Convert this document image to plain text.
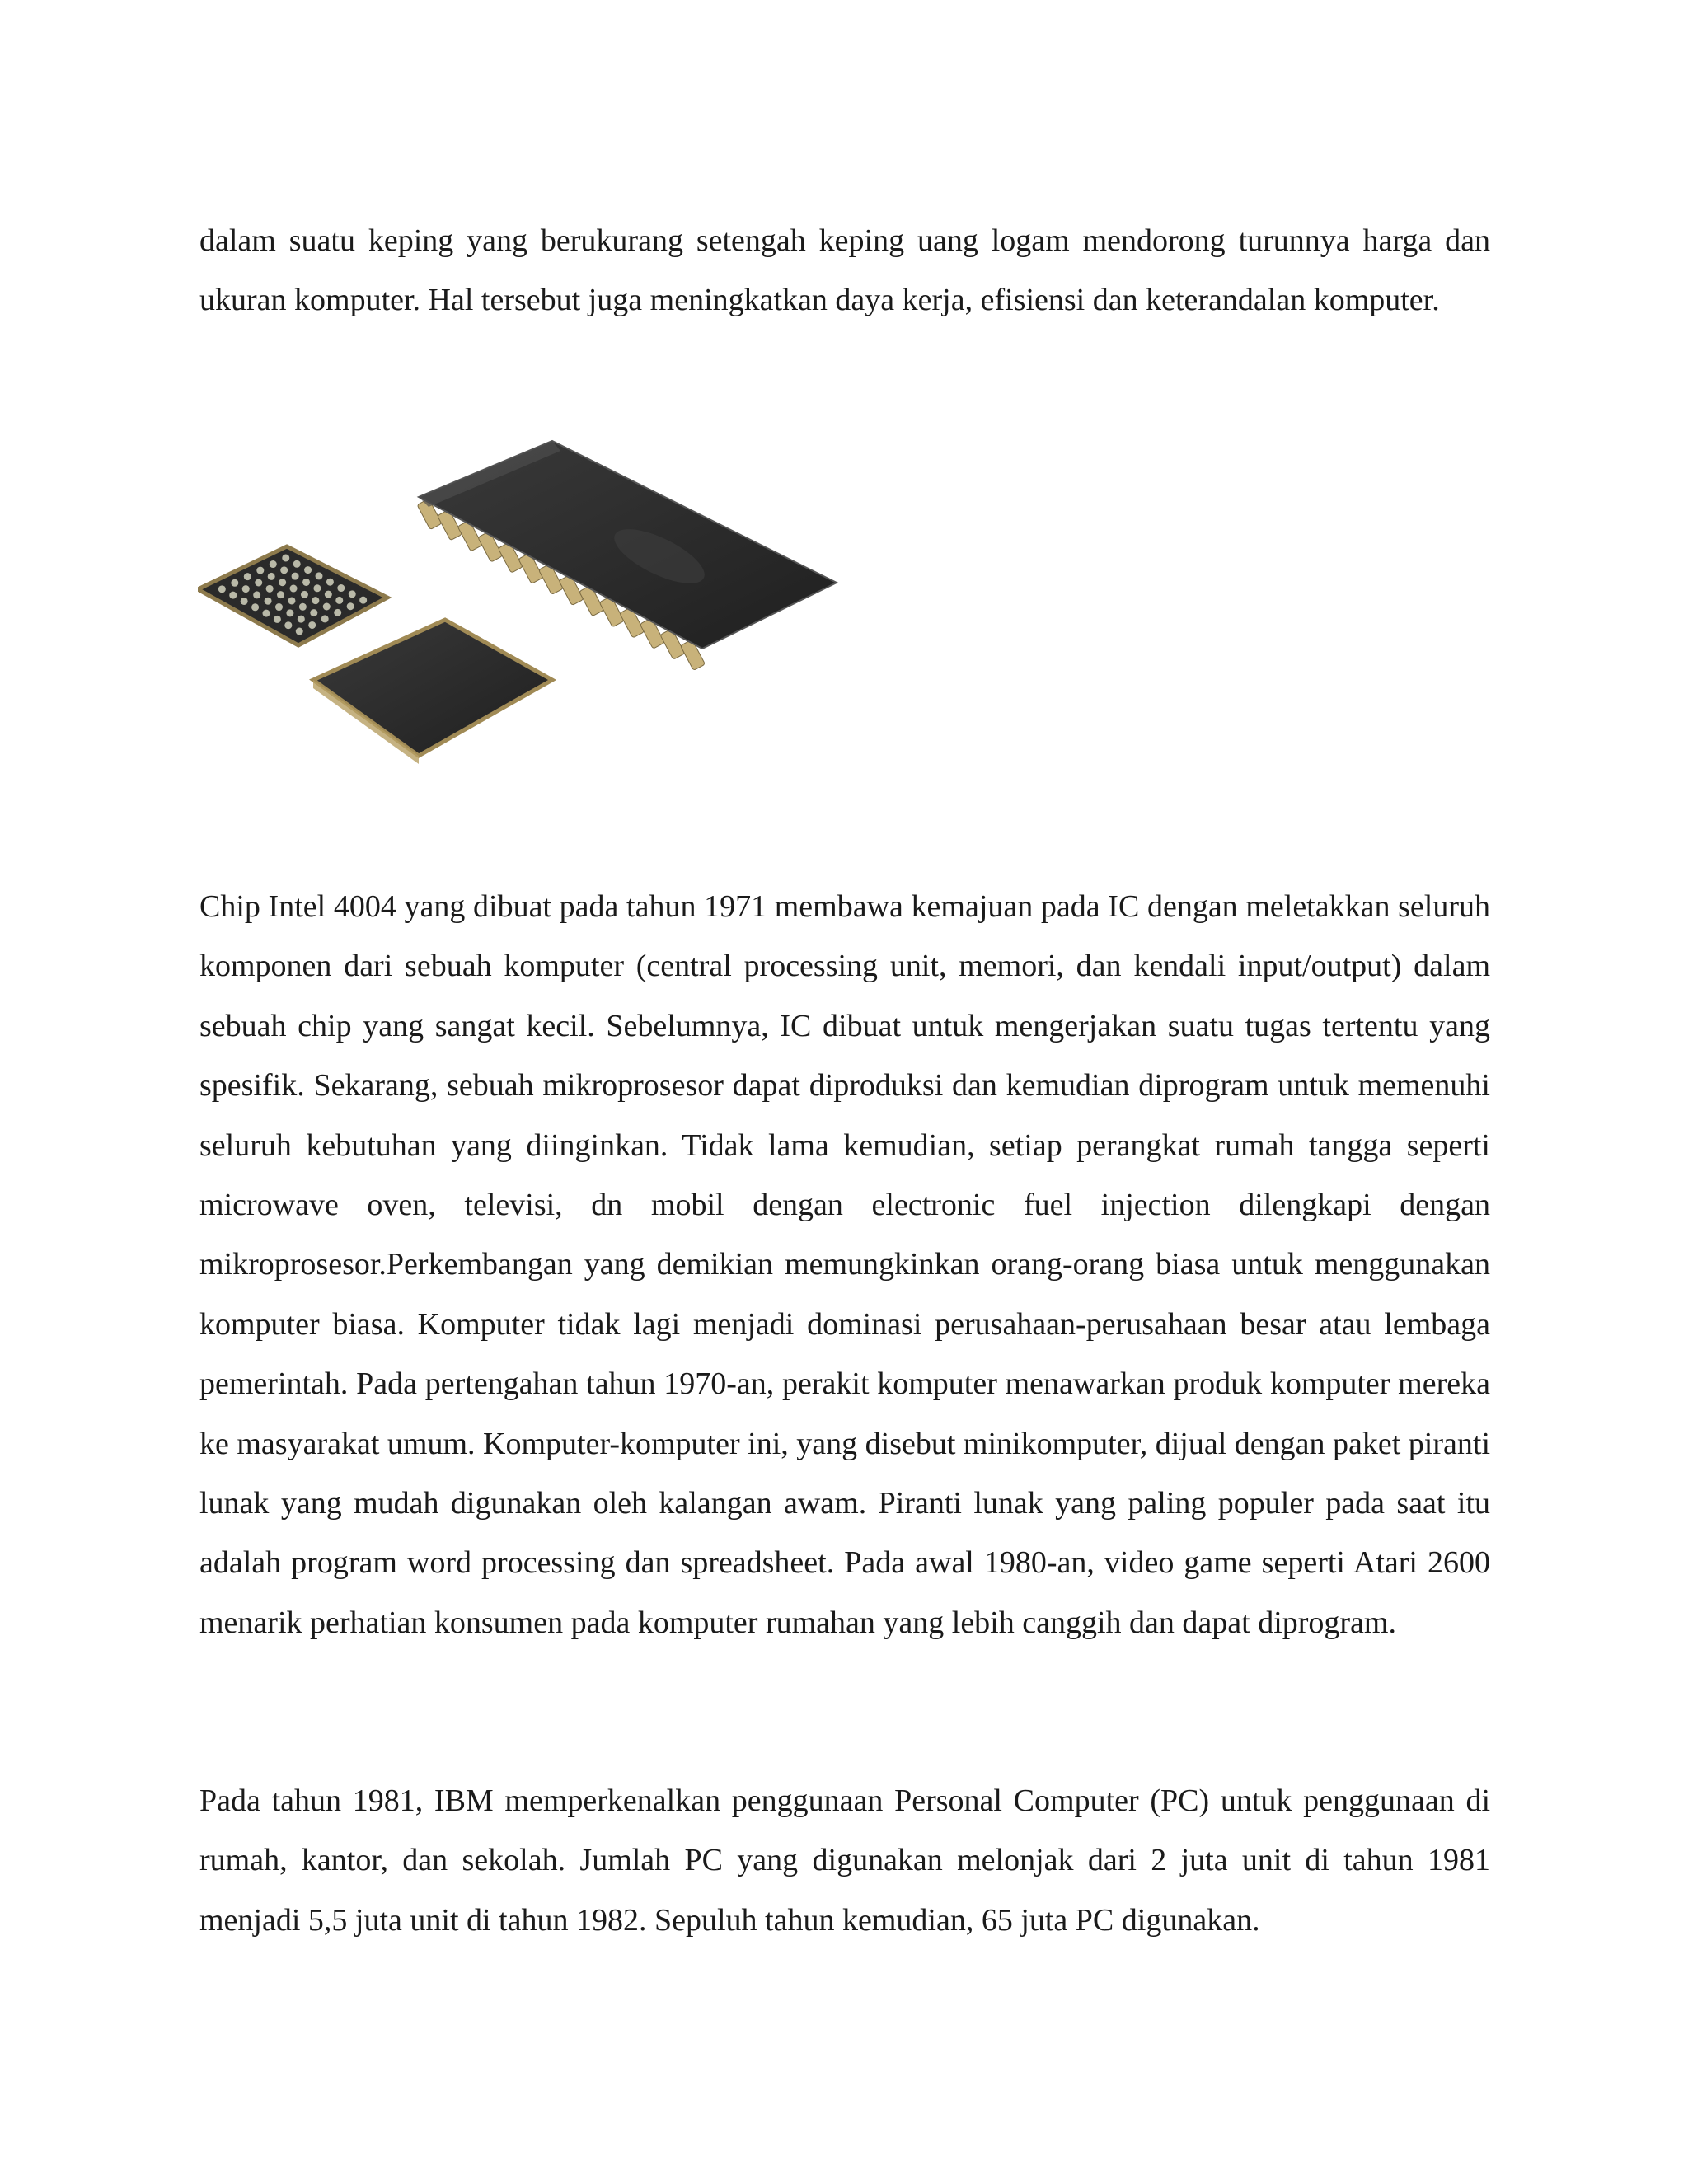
dalam suatu keping yang berukurang setengah keping uang logam mendorong turunnya harga dan ukuran komputer. Hal tersebut juga meningkatkan daya kerja, efisiensi dan keterandalan komputer.

Chip Intel 4004 yang dibuat pada tahun 1971 membawa kemajuan pada IC dengan meletakkan seluruh komponen dari sebuah komputer (central processing unit, memori, dan kendali input/output) dalam sebuah chip yang sangat kecil. Sebelumnya, IC dibuat untuk mengerjakan suatu tugas tertentu yang spesifik. Sekarang, sebuah mikroprosesor dapat diproduksi dan kemudian diprogram untuk memenuhi seluruh kebutuhan yang diinginkan. Tidak lama kemudian, setiap perangkat rumah tangga seperti microwave oven, televisi, dn mobil dengan electronic fuel injection dilengkapi dengan mikroprosesor.Perkembangan yang demikian memungkinkan orang-orang biasa untuk menggunakan komputer biasa. Komputer tidak lagi menjadi dominasi perusahaan-perusahaan besar atau lembaga pemerintah. Pada pertengahan tahun 1970-an, perakit komputer menawarkan produk komputer mereka ke masyarakat umum. Komputer-komputer ini, yang disebut minikomputer, dijual dengan paket piranti lunak yang mudah digunakan oleh kalangan awam. Piranti lunak yang paling populer pada saat itu adalah program word processing dan spreadsheet. Pada awal 1980-an, video game seperti Atari 2600 menarik perhatian konsumen pada komputer rumahan yang lebih canggih dan dapat diprogram.

Pada tahun 1981, IBM memperkenalkan penggunaan Personal Computer (PC) untuk penggunaan di rumah, kantor, dan sekolah. Jumlah PC yang digunakan melonjak dari 2 juta unit di tahun 1981 menjadi 5,5 juta unit di tahun 1982. Sepuluh tahun kemudian, 65 juta PC digunakan.
